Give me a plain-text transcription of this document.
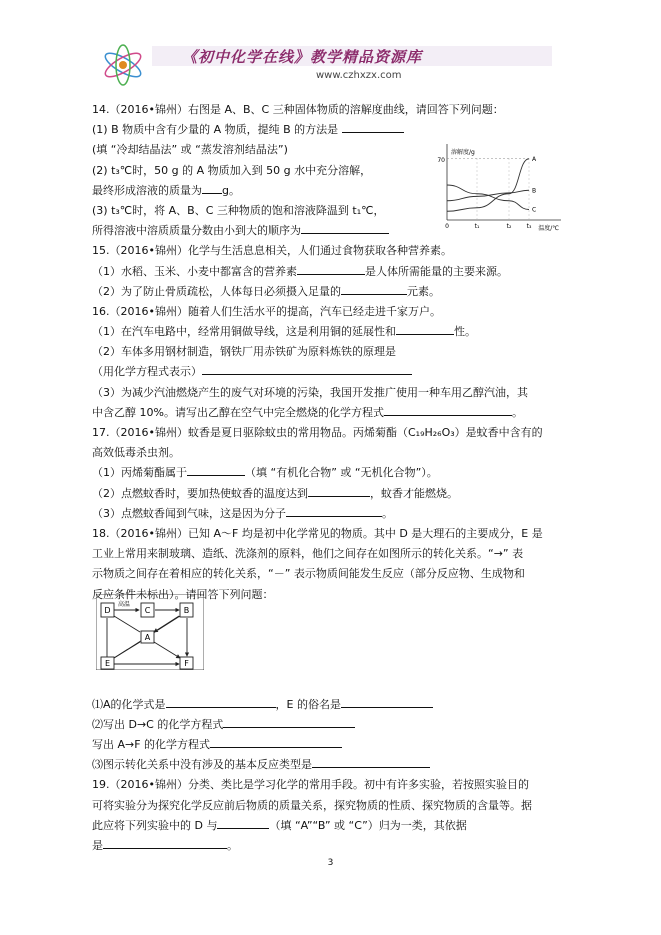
《初中化学在线》教学精品资源库
www.czhxzx.com
70
0	t₁	t₂	t₃
溶解度/g
温度/℃
A
B
C
高温
D	C	B
A
E	F
14.（2016•锦州）右图是 A、B、C 三种固体物质的溶解度曲线，请回答下列问题：
(1) B 物质中含有少量的 A 物质，提纯 B 的方法是
(填 “冷却结晶法” 或 “蒸发溶剂结晶法”)
(2) t₃℃时，50 g 的 A 物质加入到 50 g 水中充分溶解，
最终形成溶液的质量为 g。
(3) t₃℃时，将 A、B、C 三种物质的饱和溶液降温到 t₁℃，
所得溶液中溶质质量分数由小到大的顺序为
15.（2016•锦州）化学与生活息息相关，人们通过食物获取各种营养素。
（1）水稻、玉米、小麦中都富含的营养素	是人体所需能量的主要来源。
（2）为了防止骨质疏松，人体每日必须摄入足量的	元素。
16.（2016•锦州）随着人们生活水平的提高，汽车已经走进千家万户。
（1）在汽车电路中，经常用铜做导线，这是利用铜的延展性和	性。
（2）车体多用钢材制造，钢铁厂用赤铁矿为原料炼铁的原理是
（用化学方程式表示）
（3）为减少汽油燃烧产生的废气对环境的污染，我国开发推广使用一种车用乙醇汽油，其
中含乙醇 10%。请写出乙醇在空气中完全燃烧的化学方程式	。
17.（2016•锦州）蚊香是夏日驱除蚊虫的常用物品。丙烯菊酯（C₁₉H₂₆O₃）是蚊香中含有的
高效低毒杀虫剂。
（1）丙烯菊酯属于	（填 “有机化合物” 或 “无机化合物”）。
（2）点燃蚊香时，要加热使蚊香的温度达到	，蚊香才能燃烧。
（3）点燃蚊香闻到气味，这是因为分子	。
18.（2016•锦州）已知 A～F 均是初中化学常见的物质。其中 D 是大理石的主要成分，E 是
工业上常用来制玻璃、造纸、洗涤剂的原料，他们之间存在如图所示的转化关系。“→” 表
示物质之间存在着相应的转化关系，“－” 表示物质间能发生反应（部分反应物、生成物和
反应条件未标出）。请回答下列问题：
⑴A的化学式是	，E 的俗名是
⑵写出 D→C 的化学方程式
写出 A→F 的化学方程式
⑶图示转化关系中没有涉及的基本反应类型是
19.（2016•锦州）分类、类比是学习化学的常用手段。初中有许多实验，若按照实验目的
可将实验分为探究化学反应前后物质的质量关系，探究物质的性质、探究物质的含量等。据
此应将下列实验中的 D 与	（填 “A”“B” 或 “C”）归为一类，其依据
是	。
3
